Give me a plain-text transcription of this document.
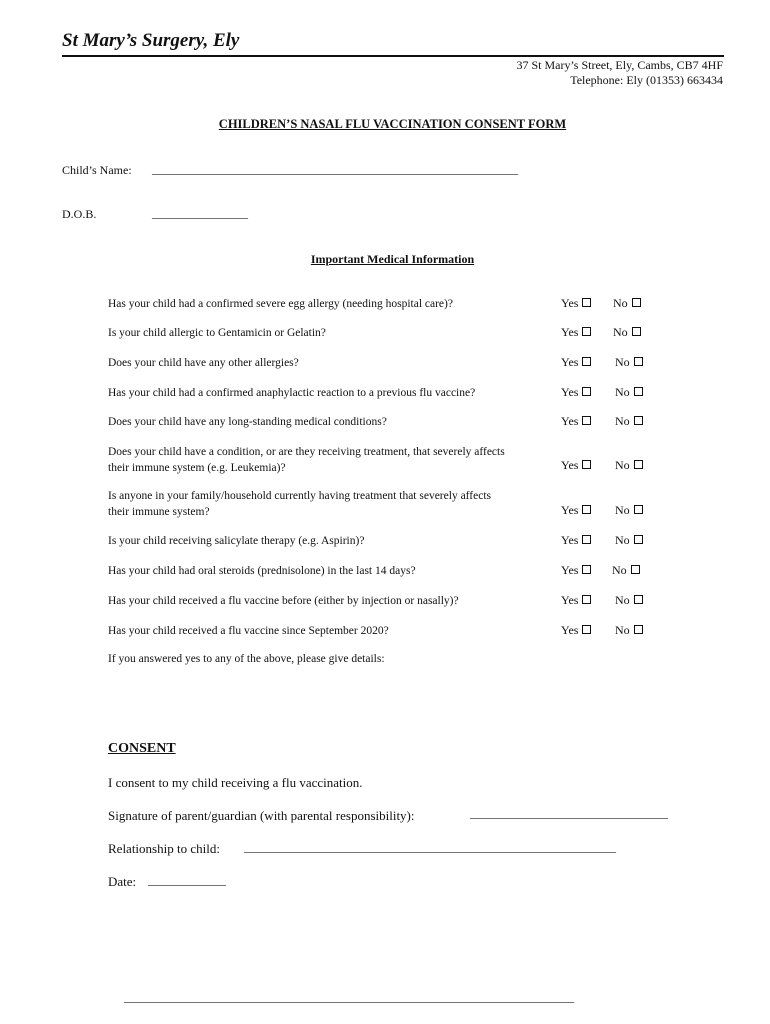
St Mary’s Surgery, Ely
37 St Mary’s Street, Ely, Cambs, CB7 4HF
Telephone: Ely (01353) 663434
CHILDREN’S NASAL FLU VACCINATION CONSENT FORM
Child’s Name: _____________________________________________________________
D.O.B.	________________
Important Medical Information
Has your child had a confirmed severe egg allergy (needing hospital care)?	Yes	No
Is your child allergic to Gentamicin or Gelatin?	Yes	No
Does your child have any other allergies?	Yes	No
Has your child had a confirmed anaphylactic reaction to a previous flu vaccine?	Yes	No
Does your child have any long-standing medical conditions?	Yes	No
Does your child have a condition, or are they receiving treatment, that severely affects their immune system (e.g. Leukemia)?	Yes	No
Is anyone in your family/household currently having treatment that severely affects their immune system?	Yes	No
Is your child receiving salicylate therapy (e.g. Aspirin)?	Yes	No
Has your child had oral steroids (prednisolone) in the last 14 days?	Yes	No
Has your child received a flu vaccine before (either by injection or nasally)?	Yes	No
Has your child received a flu vaccine since September 2020?	Yes	No
If you answered yes to any of the above, please give details:
CONSENT
I consent to my child receiving a flu vaccination.
Signature of parent/guardian (with parental responsibility):	_________________________________
Relationship to child: ______________________________________________________________
Date: _____________
___________________________________________________________________________
